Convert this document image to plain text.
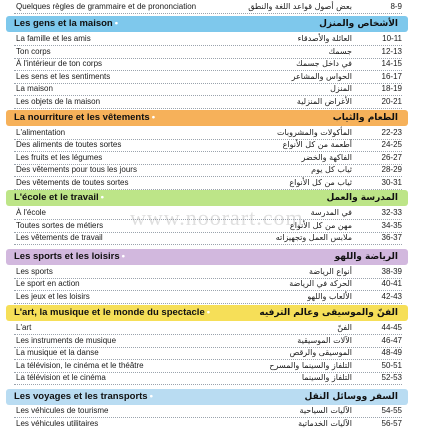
Quelques règles de grammaire et de prononciation	بعض أصول قواعد اللغة والنطق	8-9
Les gens et la maison •	الأشخاص والمنزل
La famille et les amis	العائلة والأصدقاء	10-11
Ton corps	جسمك	12-13
À l'intérieur de ton corps	في داخل جسمك	14-15
Les sens et les sentiments	الحواس والمشاعر	16-17
La maison	المنزل	18-19
Les objets de la maison	الأغراض المنزلية	20-21
La nourriture et les vêtements •	الطعام والثياب
L'alimentation	المأكولات والمشروبات	22-23
Des aliments de toutes sortes	أطعمة من كل الأنواع	24-25
Les fruits et les légumes	الفاكهة والخضر	26-27
Des vêtements pour tous les jours	ثياب كل يوم	28-29
Des vêtements de toutes sortes	ثياب من كل الأنواع	30-31
L'école et le travail •	المدرسة والعمل
À l'école	في المدرسة	32-33
Toutes sortes de métiers	مهن من كل الأنواع	34-35
Les vêtements de travail	ملابس العمل وتجهيزاته	36-37
Les sports et les loisirs •	الرياضة واللهو
Les sports	أنواع الرياضة	38-39
Le sport en action	الحركة في الرياضة	40-41
Les jeux et les loisirs	الألعاب واللهو	42-43
L'art, la musique et le monde du spectacle •	الفنّ والموسيقى وعالم الترفيه
L'art	الفنّ	44-45
Les instruments de musique	الآلات الموسيقية	46-47
La musique et la danse	الموسيقى والرقص	48-49
La télévision, le cinéma et le théâtre	التلفاز والسينما والمسرح	50-51
La télévision et le cinéma	التلفاز والسينما	52-53
Les voyages et les transports •	السفر ووسائل النقل
Les véhicules de tourisme	الآليات السياحية	54-55
Les véhicules utilitaires	الآليات الخدماتية	56-57
www.noorart.com
